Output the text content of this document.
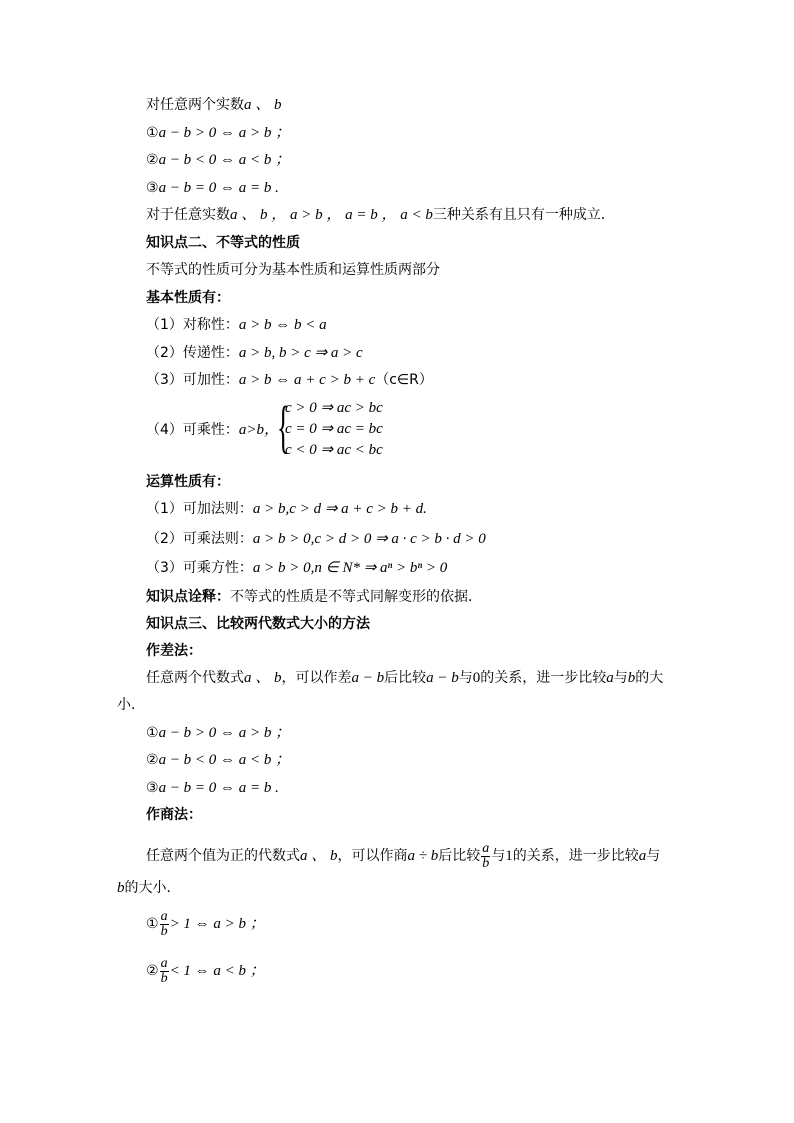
对任意两个实数a 、 b
①a − b > 0 ⇔ a > b ；
②a − b < 0 ⇔ a < b ；
③a − b = 0 ⇔ a = b .
对于任意实数a 、 b ， a > b ， a = b ， a < b三种关系有且只有一种成立．
知识点二、不等式的性质
不等式的性质可分为基本性质和运算性质两部分
基本性质有：
（1）对称性：a > b ⇔ b < a
（2）传递性：a > b, b > c ⇒ a > c
（3）可加性：a > b ⇔ a + c > b + c（c∈R）
（4）可乘性：a>b，
{
c > 0 ⇒ ac > bc
c = 0 ⇒ ac = bc
c < 0 ⇒ ac < bc
运算性质有：
（1）可加法则：a > b,c > d ⇒ a + c > b + d.
（2）可乘法则：a > b > 0,c > d > 0 ⇒ a · c > b · d > 0
（3）可乘方性：a > b > 0,n ∈ N* ⇒ aⁿ > bⁿ > 0
知识点诠释：不等式的性质是不等式同解变形的依据．
知识点三、比较两代数式大小的方法
作差法：
任意两个代数式a 、 b，可以作差a − b后比较a − b与0的关系，进一步比较a与b的大
小．
①a − b > 0 ⇔ a > b ；
②a − b < 0 ⇔ a < b ；
③a − b = 0 ⇔ a = b .
作商法：
任意两个值为正的代数式a 、 b，可以作商a ÷ b后比较 $\frac{a}{b}$ 与1的关系，进一步比较a与
b的大小．
① $\frac{a}{b} > 1$ ⇔ a > b ；
② $\frac{a}{b} < 1$ ⇔ a < b ；
